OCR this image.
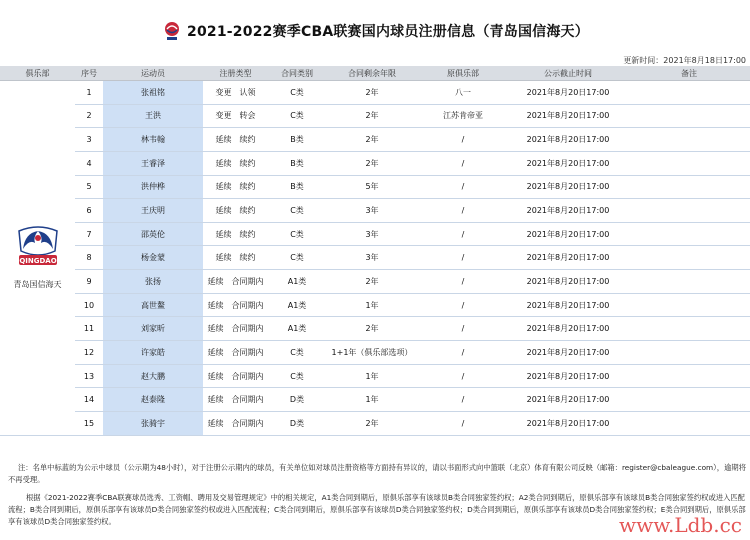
2021-2022赛季CBA联赛国内球员注册信息（青岛国信海天）
更新时间：2021年8月18日17:00
俱乐部	序号	运动员	注册类型	合同类别	合同剩余年限	原俱乐部	公示截止时间	备注

QINGDAO
青岛国信海天	1	张祖铭	变更　认领	C类	2年	八一	2021年8月20日17:00	
	2	王洪	变更　转会	C类	2年	江苏肯帝亚	2021年8月20日17:00	
	3	林韦翰	延续　续约	B类	2年	/	2021年8月20日17:00	
	4	王睿泽	延续　续约	B类	2年	/	2021年8月20日17:00	
	5	洪仲桦	延续　续约	B类	5年	/	2021年8月20日17:00	
	6	王庆明	延续　续约	C类	3年	/	2021年8月20日17:00	
	7	邵英伦	延续　续约	C类	3年	/	2021年8月20日17:00	
	8	杨金蒙	延续　续约	C类	3年	/	2021年8月20日17:00	
	9	张扬	延续　合同期内	A1类	2年	/	2021年8月20日17:00	
	10	高世鳌	延续　合同期内	A1类	1年	/	2021年8月20日17:00	
	11	刘家昕	延续　合同期内	A1类	2年	/	2021年8月20日17:00	
	12	许家皓	延续　合同期内	C类	1+1年（俱乐部选项）	/	2021年8月20日17:00	
	13	赵大鹏	延续　合同期内	C类	1年	/	2021年8月20日17:00	
	14	赵泰隆	延续　合同期内	D类	1年	/	2021年8月20日17:00	
	15	张骑宇	延续　合同期内	D类	2年	/	2021年8月20日17:00	

注：名单中标蓝的为公示中球员（公示期为48小时），对于注册公示期内的球员，有关单位如对球员注册资格等方面持有异议的，请以书面形式向中篮联（北京）体育有限公司反映（邮箱：register@cbaleague.com），逾期将不再受理。

根据《2021-2022赛季CBA联赛球员选秀、工资帽、聘用及交易管理规定》中的相关规定，A1类合同到期后，原俱乐部享有该球员B类合同独家签约权；A2类合同到期后，原俱乐部享有该球员B类合同独家签约权或进入匹配流程；B类合同到期后，原俱乐部享有该球员D类合同独家签约权或进入匹配流程；C类合同到期后，原俱乐部享有该球员D类合同独家签约权；D类合同到期后，原俱乐部享有该球员D类合同独家签约权；E类合同到期后，原俱乐部享有该球员D类合同独家签约权。	www.Ldb.cc
